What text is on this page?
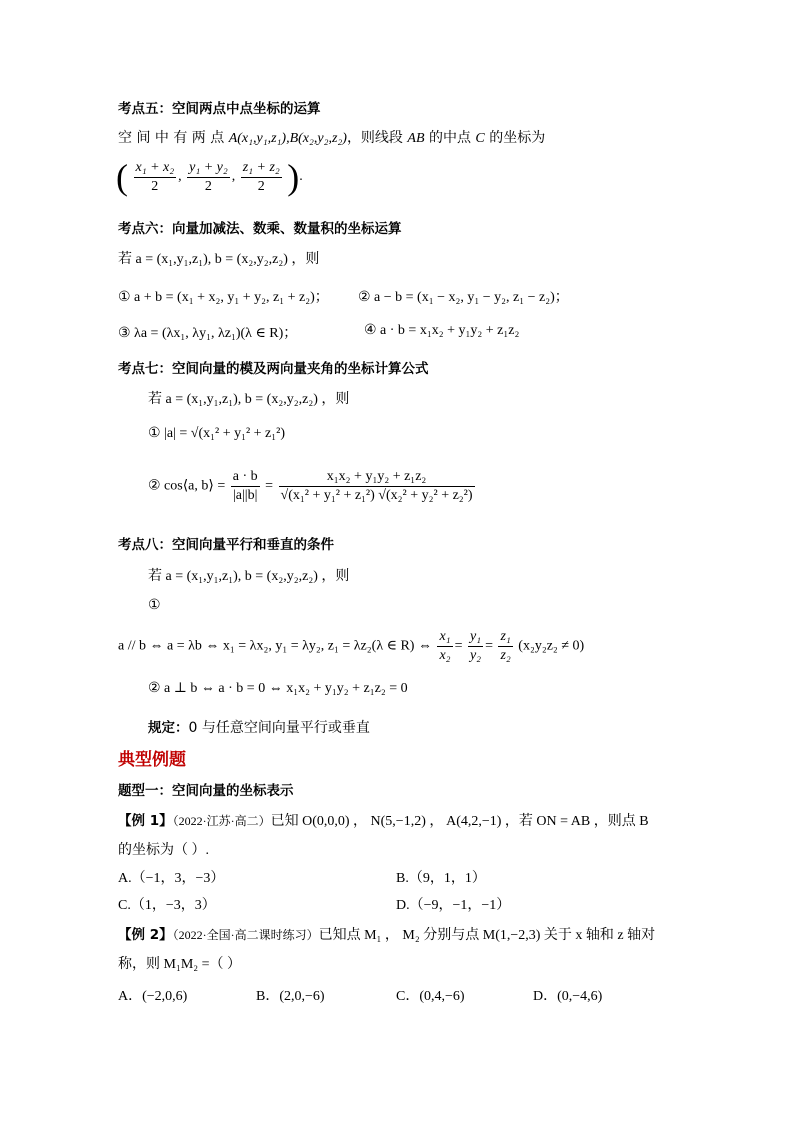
考点五：空间两点中点坐标的运算
空 间 中 有 两 点 A(x₁,y₁,z₁),B(x₂,y₂,z₂)，则线段 AB 的中点 C 的坐标为
( $\frac{\text{x₁ + x₂}}{2}$ , $\frac{\text{y₁ + y₂}}{2}$ , $\frac{\text{z₁ + z₂}}{2}$ ).
考点六：向量加减法、数乘、数量积的坐标运算
若 a = (x₁,y₁,z₁), b = (x₂,y₂,z₂) ，则
① a + b = (x₁ + x₂, y₁ + y₂, z₁ + z₂)； ② a − b = (x₁ − x₂, y₁ − y₂, z₁ − z₂)；
③ λa = (λx₁, λy₁, λz₁)(λ ∈ R)；	④ a · b = x₁x₂ + y₁y₂ + z₁z₂
考点七：空间向量的模及两向量夹角的坐标计算公式
若 a = (x₁,y₁,z₁), b = (x₂,y₂,z₂) ，则
① |a| = √(x₁² + y₁² + z₁²)
② cos⟨a, b⟩ = $\frac{a \cdot b}{|a||b|} = \frac{\text{x₁x₂ + y₁y₂ + z₁z₂}}{\text{√(x₁² + y₁² + z₁²) √(x₂² + y₂² + z₂²)}}$
考点八：空间向量平行和垂直的条件
若 a = (x₁,y₁,z₁), b = (x₂,y₂,z₂) ，则
①
a // b ⇔ a = λb ⇔ x₁ = λx₂, y₁ = λy₂, z₁ = λz₂(λ ∈ R) ⇔ $\frac{\text{x₁}}{\text{x₂}} = \frac{\text{y₁}}{\text{y₂}} = \frac{\text{z₁}}{\text{z₂}} (x_2y_2z_2 \ne 0)$
② a ⊥ b ⇔ a · b = 0 ⇔ x₁x₂ + y₁y₂ + z₁z₂ = 0
规定：0 与任意空间向量平行或垂直
典型例题
题型一：空间向量的坐标表示
【例 1】（2022·江苏·高二）已知 O(0,0,0) ， N(5,−1,2) ， A(4,2,−1) ，若 ON = AB ，则点 B
的坐标为（ ）.
A.（−1，3，−3）	B.（9，1，1）
C.（1，−3，3）	D.（−9，−1，−1）
【例 2】（2022·全国·高二课时练习）已知点 M₁ ， M₂ 分别与点 M(1,−2,3) 关于 x 轴和 z 轴对
称，则 M₁M₂ =（ ）
A．(−2,0,6)	B．(2,0,−6)	C．(0,4,−6)	D．(0,−4,6)
